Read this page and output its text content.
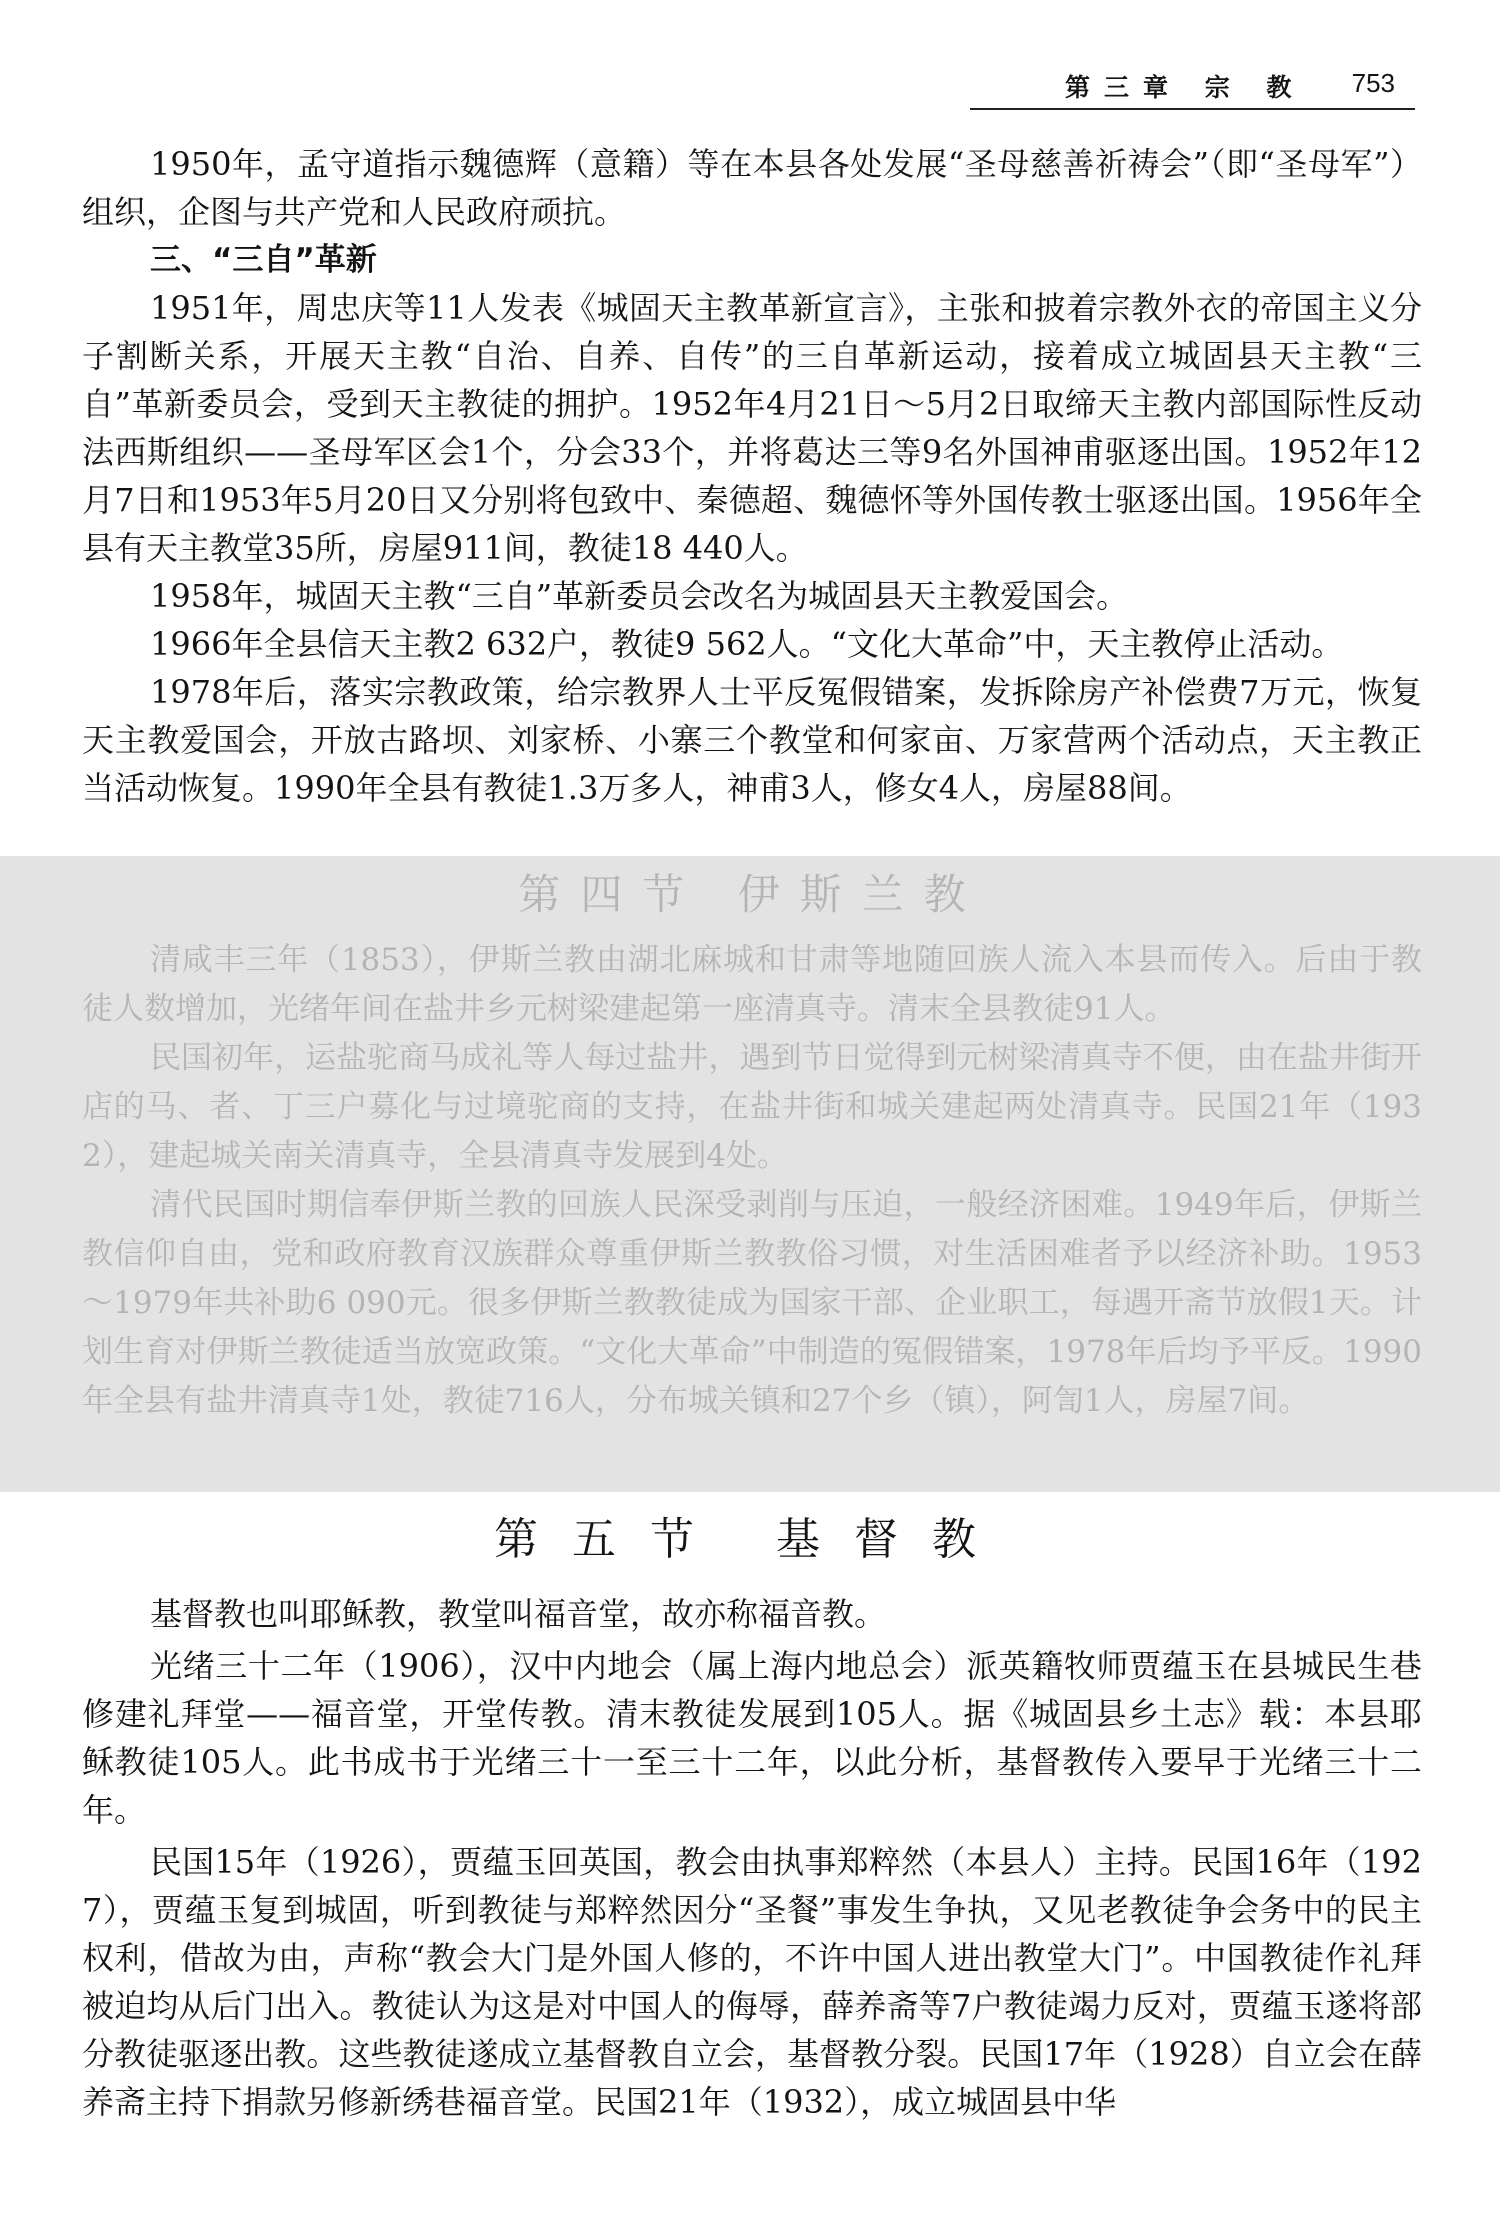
第三章 宗 教 753

1950年，孟守道指示魏德辉（意籍）等在本县各处发展“圣母慈善祈祷会”（即“圣母军”）组织，企图与共产党和人民政府顽抗。

三、“三自”革新

1951年，周忠庆等11人发表《城固天主教革新宣言》，主张和披着宗教外衣的帝国主义分子割断关系，开展天主教“自治、自养、自传”的三自革新运动，接着成立城固县天主教“三自”革新委员会，受到天主教徒的拥护。1952年4月21日～5月2日取缔天主教内部国际性反动法西斯组织——圣母军区会1个，分会33个，并将葛达三等9名外国神甫驱逐出国。1952年12月7日和1953年5月20日又分别将包致中、秦德超、魏德怀等外国传教士驱逐出国。1956年全县有天主教堂35所，房屋911间，教徒18 440人。

1958年，城固天主教“三自”革新委员会改名为城固县天主教爱国会。

1966年全县信天主教2 632户，教徒9 562人。“文化大革命”中，天主教停止活动。

1978年后，落实宗教政策，给宗教界人士平反冤假错案，发拆除房产补偿费7万元，恢复天主教爱国会，开放古路坝、刘家桥、小寨三个教堂和何家亩、万家营两个活动点，天主教正当活动恢复。1990年全县有教徒1.3万多人，神甫3人，修女4人，房屋88间。

第四节 伊斯兰教

清咸丰三年（1853），伊斯兰教由湖北麻城和甘肃等地随回族人流入本县而传入。后由于教徒人数增加，光绪年间在盐井乡元树梁建起第一座清真寺。清末全县教徒91人。

民国初年，运盐驼商马成礼等人每过盐井，遇到节日觉得到元树梁清真寺不便，由在盐井街开店的马、者、丁三户募化与过境驼商的支持，在盐井街和城关建起两处清真寺。民国21年（1932），建起城关南关清真寺，全县清真寺发展到4处。

清代民国时期信奉伊斯兰教的回族人民深受剥削与压迫，一般经济困难。1949年后，伊斯兰教信仰自由，党和政府教育汉族群众尊重伊斯兰教教俗习惯，对生活困难者予以经济补助。1953～1979年共补助6 090元。很多伊斯兰教教徒成为国家干部、企业职工，每遇开斋节放假1天。计划生育对伊斯兰教徒适当放宽政策。“文化大革命”中制造的冤假错案，1978年后均予平反。1990年全县有盐井清真寺1处，教徒716人，分布城关镇和27个乡（镇），阿訇1人，房屋7间。

第五节 基督教

基督教也叫耶稣教，教堂叫福音堂，故亦称福音教。

光绪三十二年（1906），汉中内地会（属上海内地总会）派英籍牧师贾蕴玉在县城民生巷修建礼拜堂——福音堂，开堂传教。清末教徒发展到105人。据《城固县乡土志》载：本县耶稣教徒105人。此书成书于光绪三十一至三十二年，以此分析，基督教传入要早于光绪三十二年。

民国15年（1926），贾蕴玉回英国，教会由执事郑粹然（本县人）主持。民国16年（1927），贾蕴玉复到城固，听到教徒与郑粹然因分“圣餐”事发生争执，又见老教徒争会务中的民主权利，借故为由，声称“教会大门是外国人修的，不许中国人进出教堂大门”。中国教徒作礼拜被迫均从后门出入。教徒认为这是对中国人的侮辱，薛养斋等7户教徒竭力反对，贾蕴玉遂将部分教徒驱逐出教。这些教徒遂成立基督教自立会，基督教分裂。民国17年（1928）自立会在薛养斋主持下捐款另修新绣巷福音堂。民国21年（1932），成立城固县中华
